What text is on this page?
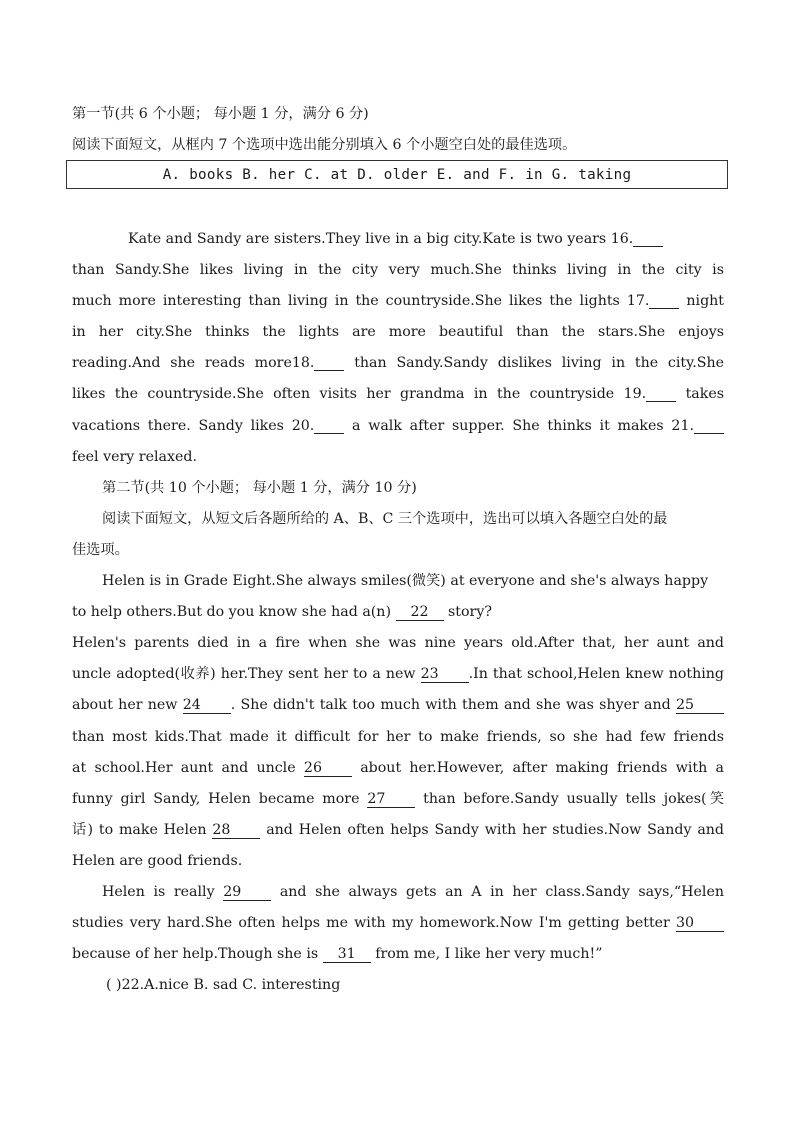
第一节(共 6 个小题； 每小题 1 分，满分 6 分)
阅读下面短文，从框内 7 个选项中选出能分别填入 6 个小题空白处的最佳选项。
A. books B. her C. at D. older E. and F. in G. taking
Kate and Sandy are sisters.They live in a big city.Kate is two years 16.
than Sandy.She likes living in the city very much.She thinks living in the city is
much more interesting than living in the countryside.She likes the lights 17.	night
in her city.She thinks the lights are more beautiful than the stars.She enjoys
reading.And she reads more18.	than Sandy.Sandy dislikes living in the city.She
likes the countryside.She often visits her grandma in the countryside 19.	takes
vacations there. Sandy likes 20.	a walk after supper. She thinks it makes 21.
feel very relaxed.
第二节(共 10 个小题； 每小题 1 分，满分 10 分)
阅读下面短文，从短文后各题所给的 A、B、C 三个选项中，选出可以填入各题空白处的最
佳选项。
Helen is in Grade Eight.She always smiles(微笑) at everyone and she's always happy
to help others.But do you know she had a(n) 22 story?
Helen's parents died in a fire when she was nine years old.After that, her aunt and
uncle adopted(收养) her.They sent her to a new 23 .In that school,Helen knew nothing
about her new 24 . She didn't talk too much with them and she was shyer and 25
than most kids.That made it difficult for her to make friends, so she had few friends
at school.Her aunt and uncle 26	about her.However, after making friends with a
funny girl Sandy, Helen became more 27	than before.Sandy usually tells jokes(笑
话) to make Helen 28	and Helen often helps Sandy with her studies.Now Sandy and
Helen are good friends.
Helen is really 29	and she always gets an A in her class.Sandy says,“Helen
studies very hard.She often helps me with my homework.Now I'm getting better 30
because of her help.Though she is 31 from me, I like her very much!”
( )22.A.nice B. sad C. interesting
